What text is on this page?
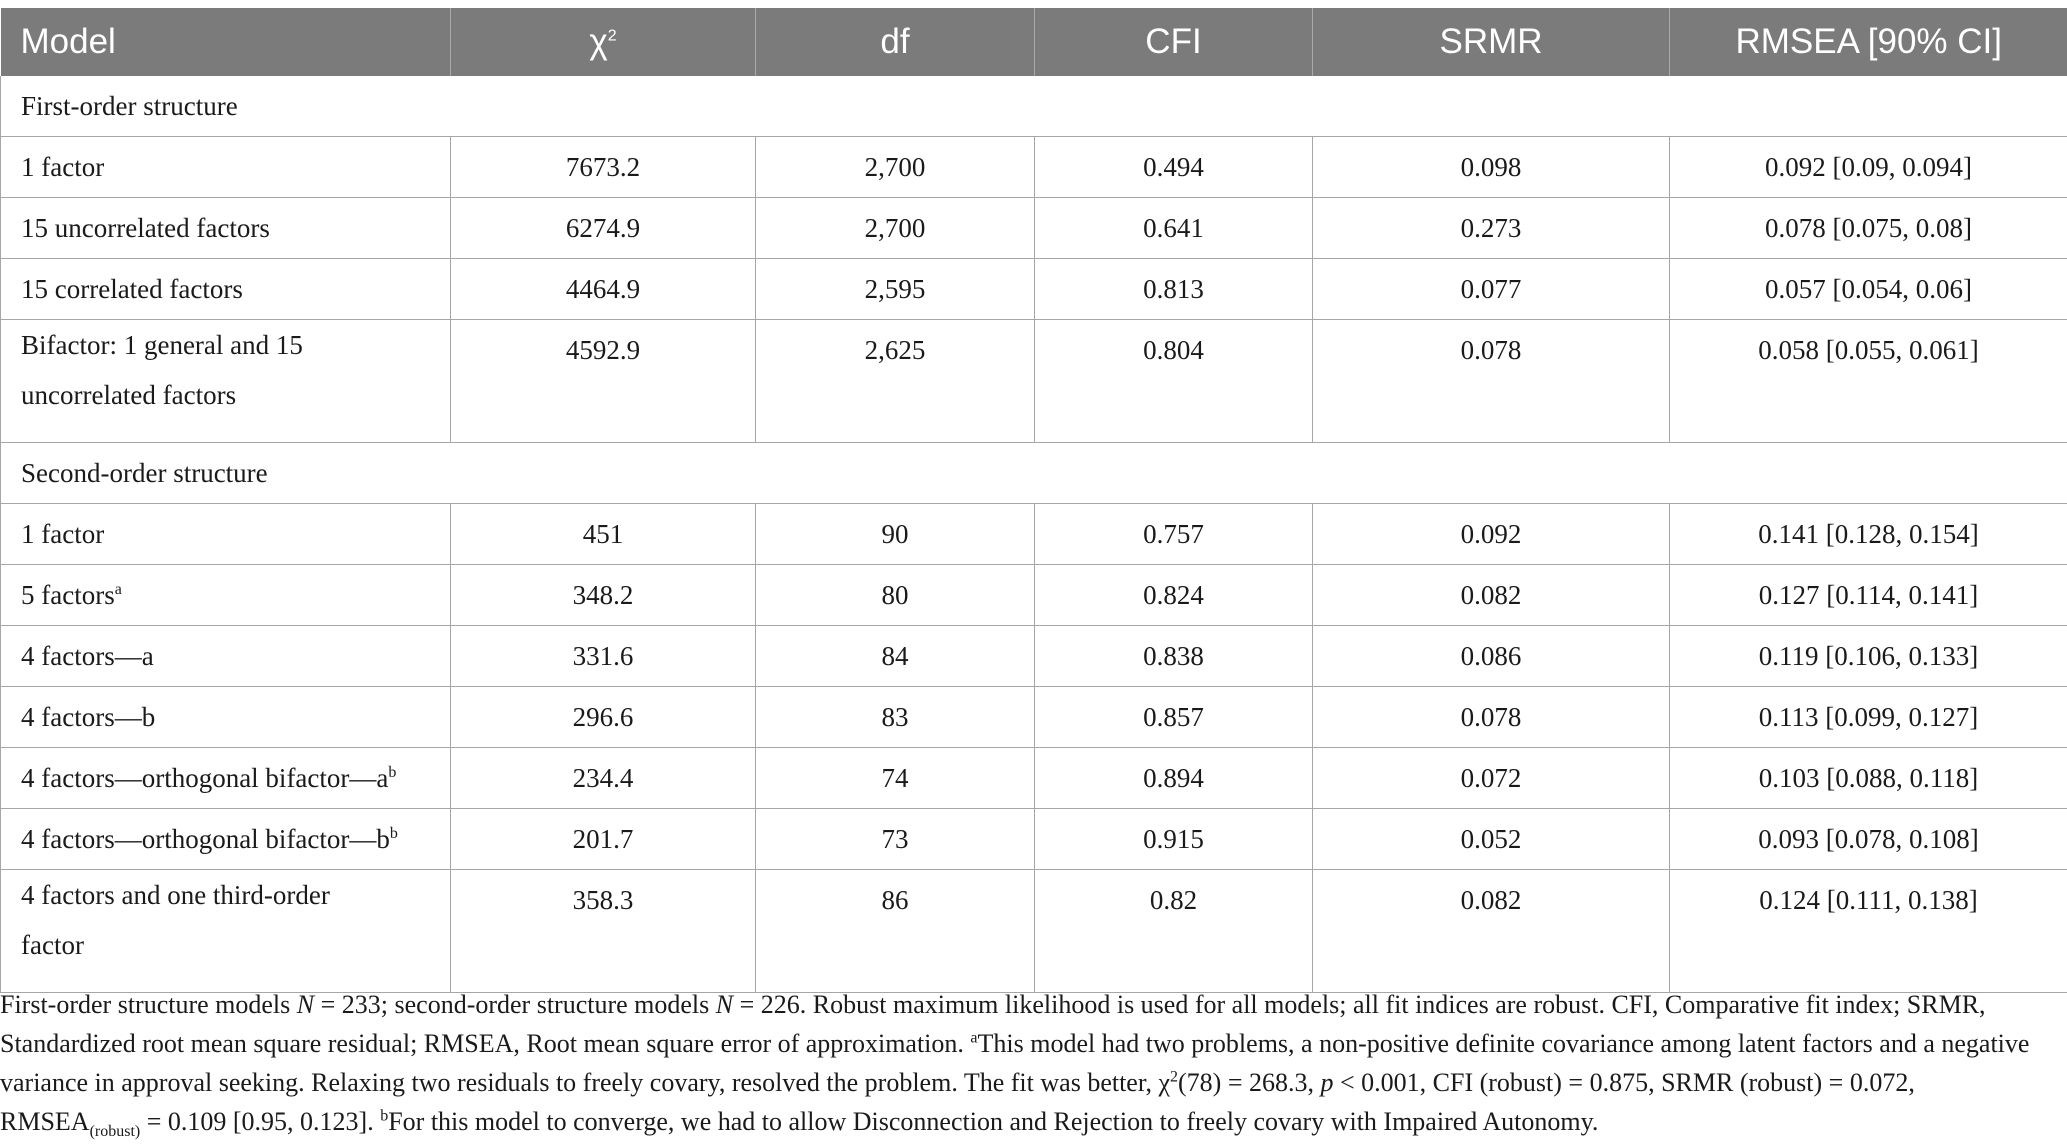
Model	$\chi^2$	df	CFI	SRMR	RMSEA [90% CI]
First-order structure					
1 factor	7673.2	2,700	0.494	0.098	0.092 [0.09, 0.094]
15 uncorrelated factors	6274.9	2,700	0.641	0.273	0.078 [0.075, 0.08]
15 correlated factors	4464.9	2,595	0.813	0.077	0.057 [0.054, 0.06]
Bifactor: 1 general and 15
uncorrelated factors	4592.9	2,625	0.804	0.078	0.058 [0.055, 0.061]
Second-order structure					
1 factor	451	90	0.757	0.092	0.141 [0.128, 0.154]
5 factors$^a$	348.2	80	0.824	0.082	0.127 [0.114, 0.141]
4 factors—a	331.6	84	0.838	0.086	0.119 [0.106, 0.133]
4 factors—b	296.6	83	0.857	0.078	0.113 [0.099, 0.127]
4 factors—orthogonal $bifactor—a^b$	234.4	74	0.894	0.072	0.103 [0.088, 0.118]
4 factors—orthogonal $bifactor—b^b$	201.7	73	0.915	0.052	0.093 [0.078, 0.108]
4 factors and one third-order
factor	358.3	86	0.82	0.082	0.124 [0.111, 0.138]

First-order structure models N = 233; second-order structure models N = 226. Robust maximum likelihood is used for all models; all fit indices are robust. CFI, Comparative fit index; SRMR, Standardized root mean square residual; RMSEA, Root mean square error of approximation. $^a$This model had two problems, a non-positive definite covariance among latent factors and a negative variance in approval seeking. Relaxing two residuals to freely covary, resolved the problem. The fit was better, $\chi^2(78) = 268.3$, p < 0.001, CFI (robust) = 0.875, SRMR (robust) = 0.072, $RMSEA_{(robust)} = 0.109$ [0.95, 0.123]. $^b$For this model to converge, we had to allow Disconnection and Rejection to freely covary with Impaired Autonomy.
